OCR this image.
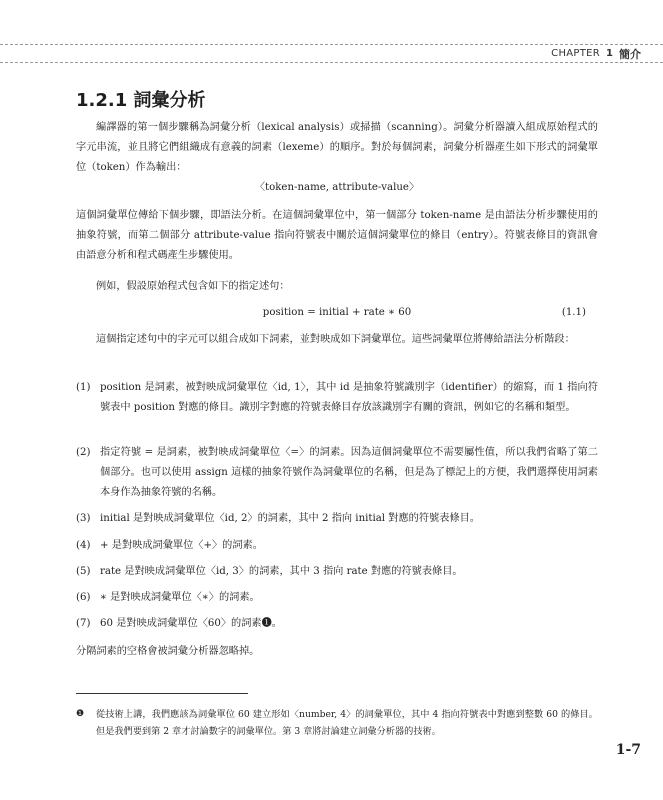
CHAPTER 1 簡介
1.2.1 詞彙分析

編譯器的第一個步驟稱為詞彙分析（lexical analysis）或掃描（scanning）。詞彙分析器讀入組成原始程式的字元串流，並且將它們組織成有意義的詞素（lexeme）的順序。對於每個詞素，詞彙分析器產生如下形式的詞彙單位（token）作為輸出：

〈token-name, attribute-value〉

這個詞彙單位傳給下個步驟，即語法分析。在這個詞彙單位中，第一個部分 token-name 是由語法分析步驟使用的抽象符號，而第二個部分 attribute-value 指向符號表中關於這個詞彙單位的條目（entry）。符號表條目的資訊會由語意分析和程式碼產生步驟使用。

例如，假設原始程式包含如下的指定述句：

position = initial + rate ∗ 60	(1.1)

這個指定述句中的字元可以組合成如下詞素，並對映成如下詞彙單位。這些詞彙單位將傳給語法分析階段：

(1) position 是詞素，被對映成詞彙單位〈id, 1〉，其中 id 是抽象符號識別字（identifier）的縮寫，而 1 指向符號表中 position 對應的條目。識別字對應的符號表條目存放該識別字有關的資訊，例如它的名稱和類型。
(2) 指定符號 = 是詞素，被對映成詞彙單位〈=〉的詞素。因為這個詞彙單位不需要屬性值，所以我們省略了第二個部分。也可以使用 assign 這樣的抽象符號作為詞彙單位的名稱，但是為了標記上的方便，我們選擇使用詞素本身作為抽象符號的名稱。
(3) initial 是對映成詞彙單位〈id, 2〉的詞素，其中 2 指向 initial 對應的符號表條目。
(4) + 是對映成詞彙單位〈+〉的詞素。
(5) rate 是對映成詞彙單位〈id, 3〉的詞素，其中 3 指向 rate 對應的符號表條目。
(6) ∗ 是對映成詞彙單位〈∗〉的詞素。
(7) 60 是對映成詞彙單位〈60〉的詞素❶。

分隔詞素的空格會被詞彙分析器忽略掉。

❶ 從技術上講，我們應該為詞彙單位 60 建立形如〈number, 4〉的詞彙單位，其中 4 指向符號表中對應到整數 60 的條目。但是我們要到第 2 章才討論數字的詞彙單位。第 3 章將討論建立詞彙分析器的技術。
1-7
